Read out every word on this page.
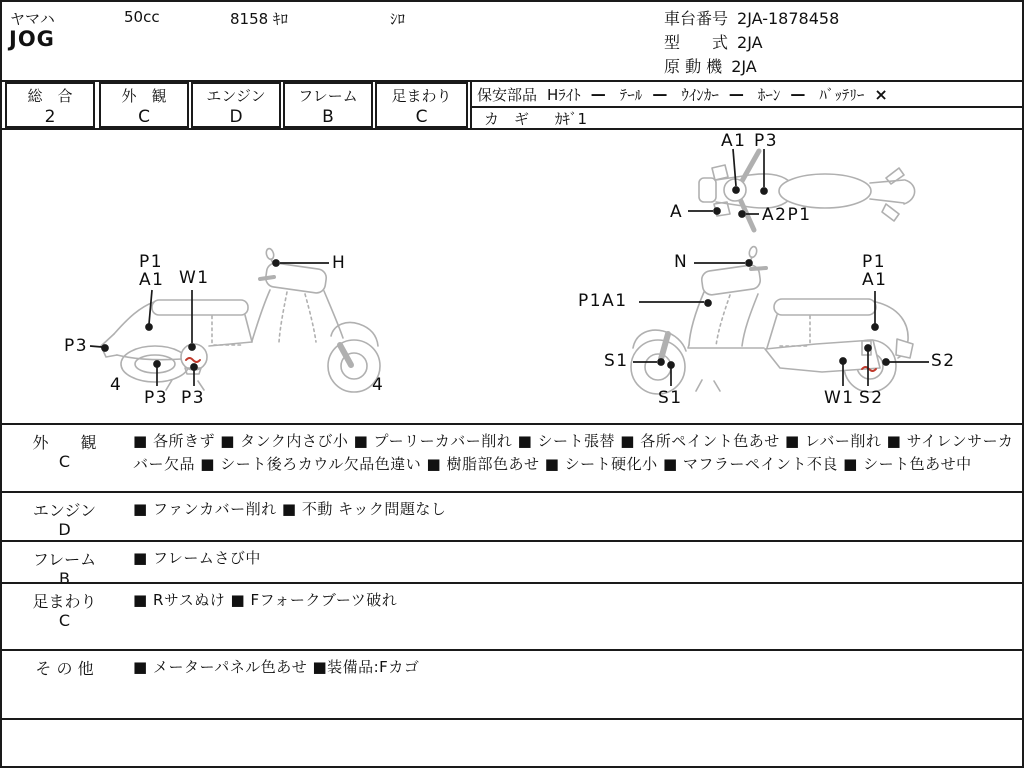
ヤマハ	50cc	8158 ｷﾛ	ｼﾛ
JOG
車台番号 2JA-1878458
型　　式 2JA
原 動 機 2JA
総　合
2
外　観
C
エンジン
D
フレーム
B
足まわり
C
保安部品 Hﾗｲﾄ — ﾃｰﾙ — ｳｲﾝｶｰ — ﾎｰﾝ — ﾊﾞｯﾃﾘｰ ×
カ　ギ ｶｷﾞ1
A1 P3
A	A2P1
P1
A1 W1
H
P3
4
P3 P3
4
N
P1A1
P1
A1
S1
S1
S2
W1 S2
外　　観
C
■ 各所きず ■ タンク内さび小 ■ プーリーカバー削れ ■ シート張替 ■ 各所ペイント色あせ ■ レバー削れ ■ サイレンサーカバー欠品 ■ シート後ろカウル欠品色違い ■ 樹脂部色あせ ■ シート硬化小 ■ マフラーペイント不良 ■ シート色あせ中
エンジン
D
■ ファンカバー削れ ■ 不動 キック問題なし
フレーム
B
■ フレームさび中
足まわり
C
■ Rサスぬけ ■ Fフォークブーツ破れ
そ の 他	■ メーターパネル色あせ ■装備品:Fカゴ
